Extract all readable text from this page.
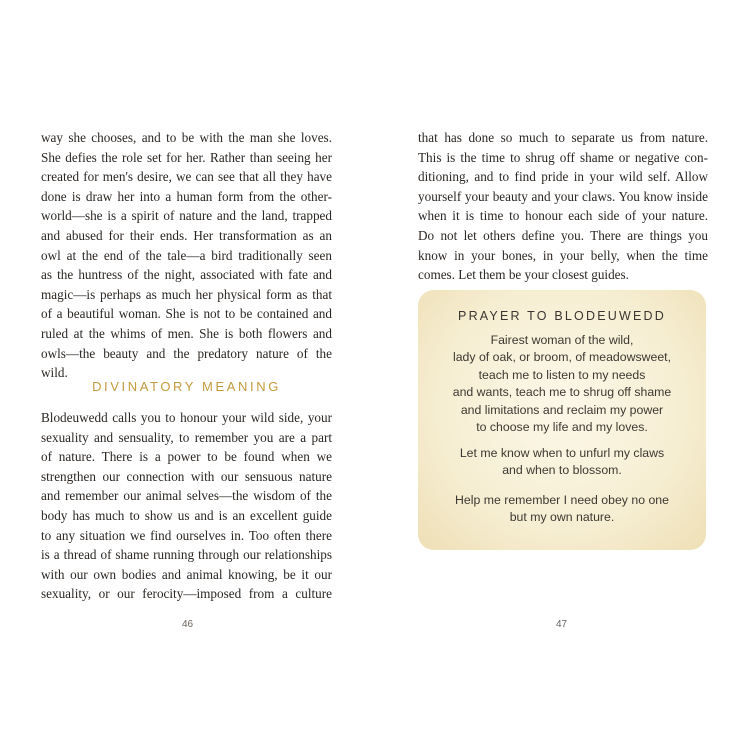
way she chooses, and to be with the man she loves.
She defies the role set for her. Rather than seeing her
created for men's desire, we can see that all they have
done is draw her into a human form from the other-
world—she is a spirit of nature and the land, trapped
and abused for their ends. Her transformation as an
owl at the end of the tale—a bird traditionally seen
as the huntress of the night, associated with fate and
magic—is perhaps as much her physical form as that
of a beautiful woman. She is not to be contained and
ruled at the whims of men. She is both flowers and
owls—the beauty and the predatory nature of the
wild.
DIVINATORY MEANING
Blodeuwedd calls you to honour your wild side, your
sexuality and sensuality, to remember you are a part
of nature. There is a power to be found when we
strengthen our connection with our sensuous nature
and remember our animal selves—the wisdom of the
body has much to show us and is an excellent guide
to any situation we find ourselves in. Too often there
is a thread of shame running through our relationships
with our own bodies and animal knowing, be it our
sexuality, or our ferocity—imposed from a culture
46
that has done so much to separate us from nature.
This is the time to shrug off shame or negative con-
ditioning, and to find pride in your wild self. Allow
yourself your beauty and your claws. You know inside
when it is time to honour each side of your nature.
Do not let others define you. There are things you
know in your bones, in your belly, when the time
comes. Let them be your closest guides.
PRAYER TO BLODEUWEDD
Fairest woman of the wild,
lady of oak, or broom, of meadowsweet,
teach me to listen to my needs
and wants, teach me to shrug off shame
and limitations and reclaim my power
to choose my life and my loves.
Let me know when to unfurl my claws
and when to blossom.
Help me remember I need obey no one
but my own nature.
47
